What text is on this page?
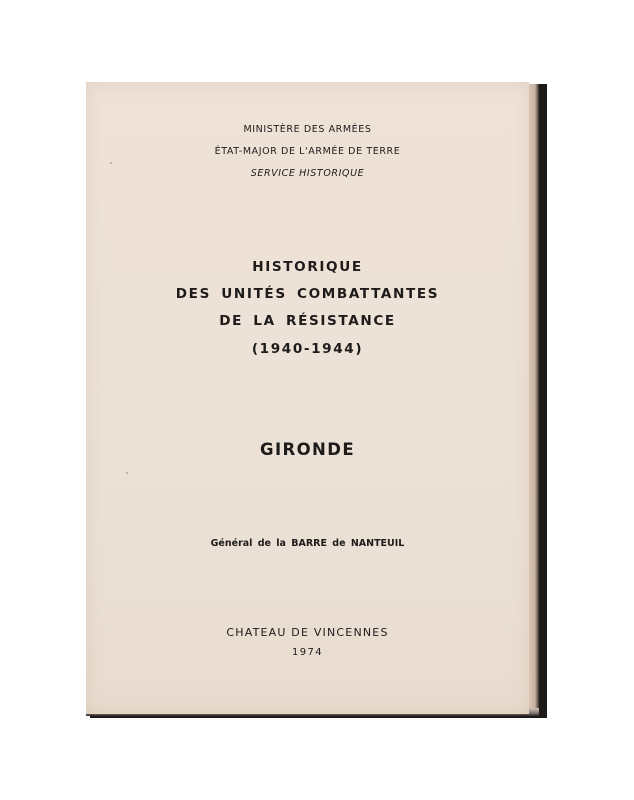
MINISTÈRE DES ARMÉES
ÉTAT-MAJOR DE L'ARMÉE DE TERRE
SERVICE HISTORIQUE
HISTORIQUE
DES UNITÉS COMBATTANTES
DE LA RÉSISTANCE
(1940-1944)
GIRONDE
Général de la BARRE de NANTEUIL
CHATEAU DE VINCENNES
1974
